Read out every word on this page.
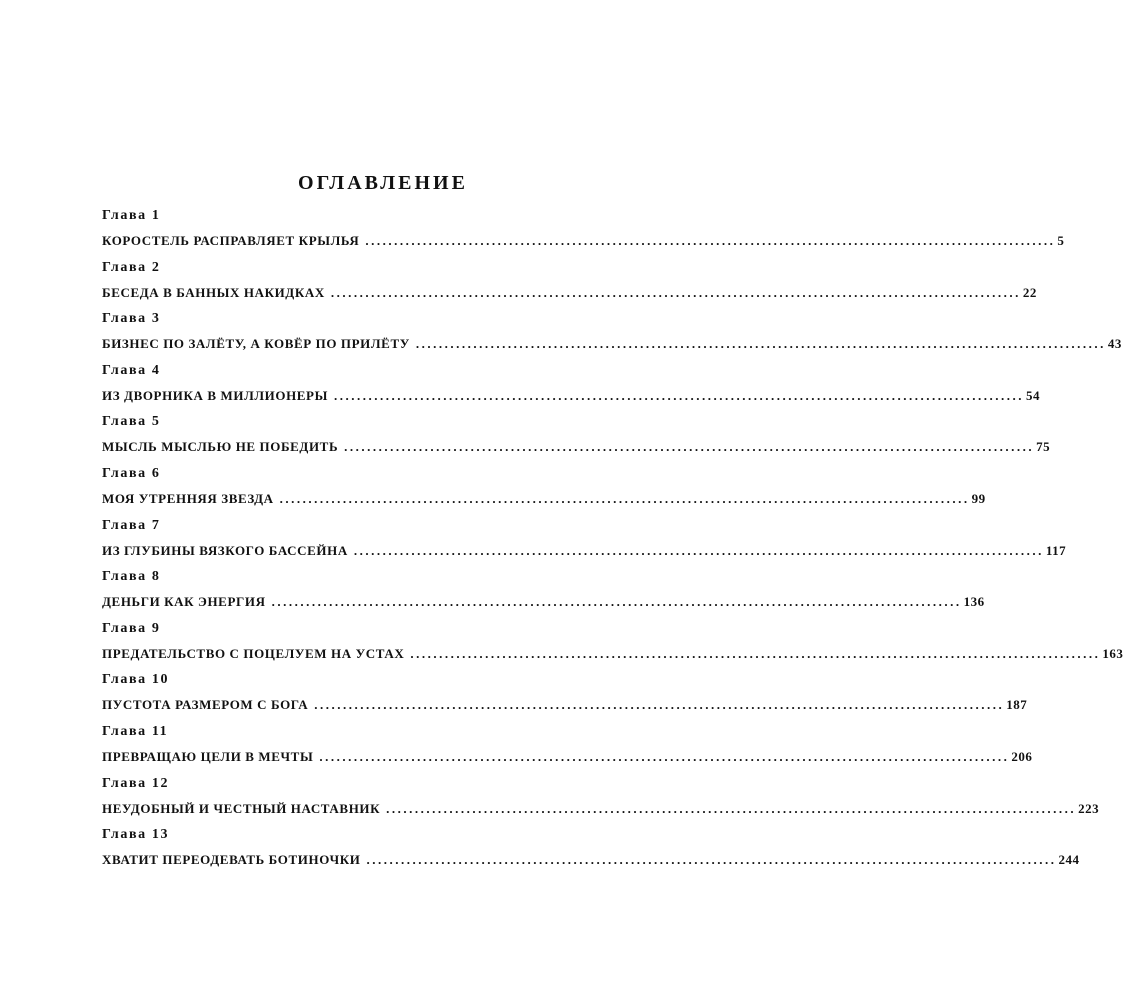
ОГЛАВЛЕНИЕ
Глава 1
КОРОСТЕЛЬ РАСПРАВЛЯЕТ КРЫЛЬЯ ........................................................................................................................ 5
Глава 2
БЕСЕДА В БАННЫХ НАКИДКАХ ........................................................................................................................ 22
Глава 3
БИЗНЕС ПО ЗАЛЁТУ, А КОВЁР ПО ПРИЛЁТУ ........................................................................................................................ 43
Глава 4
ИЗ ДВОРНИКА В МИЛЛИОНЕРЫ ........................................................................................................................ 54
Глава 5
МЫСЛЬ МЫСЛЬЮ НЕ ПОБЕДИТЬ ........................................................................................................................ 75
Глава 6
МОЯ УТРЕННЯЯ ЗВЕЗДА ........................................................................................................................ 99
Глава 7
ИЗ ГЛУБИНЫ ВЯЗКОГО БАССЕЙНА ........................................................................................................................ 117
Глава 8
ДЕНЬГИ КАК ЭНЕРГИЯ ........................................................................................................................ 136
Глава 9
ПРЕДАТЕЛЬСТВО С ПОЦЕЛУЕМ НА УСТАХ ........................................................................................................................ 163
Глава 10
ПУСТОТА РАЗМЕРОМ С БОГА ........................................................................................................................ 187
Глава 11
ПРЕВРАЩАЮ ЦЕЛИ В МЕЧТЫ ........................................................................................................................ 206
Глава 12
НЕУДОБНЫЙ И ЧЕСТНЫЙ НАСТАВНИК ........................................................................................................................ 223
Глава 13
ХВАТИТ ПЕРЕОДЕВАТЬ БОТИНОЧКИ ........................................................................................................................ 244
